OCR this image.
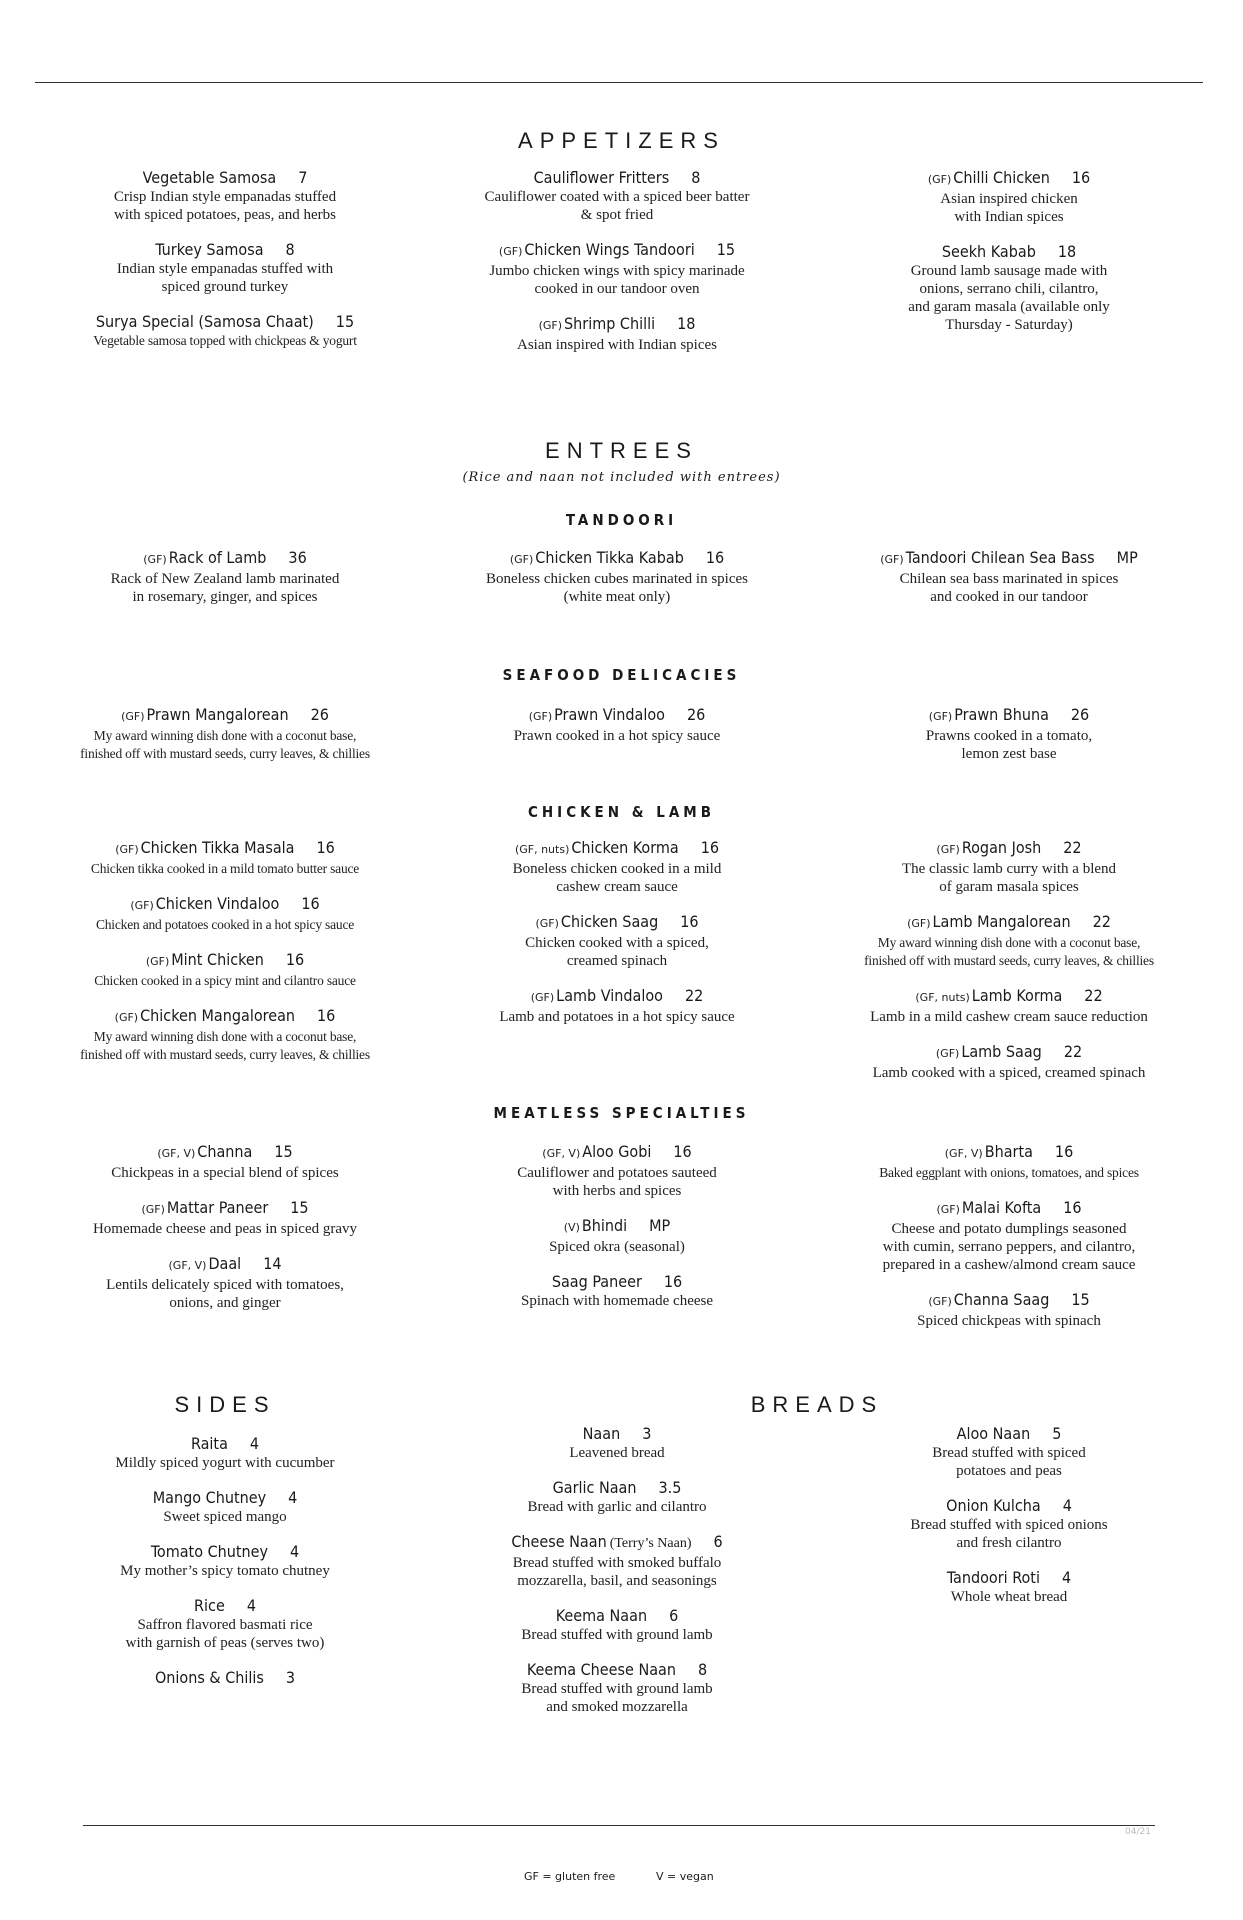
APPETIZERS
Vegetable Samosa 7
Crisp Indian style empanadas stuffed
with spiced potatoes, peas, and herbs
Turkey Samosa 8
Indian style empanadas stuffed with
spiced ground turkey
Surya Special (Samosa Chaat) 15
Vegetable samosa topped with chickpeas & yogurt
Cauliflower Fritters 8
Cauliflower coated with a spiced beer batter
& spot fried
(GF) Chicken Wings Tandoori 15
Jumbo chicken wings with spicy marinade
cooked in our tandoor oven
(GF) Shrimp Chilli 18
Asian inspired with Indian spices
(GF) Chilli Chicken 16
Asian inspired chicken
with Indian spices
Seekh Kabab 18
Ground lamb sausage made with
onions, serrano chili, cilantro,
and garam masala (available only
Thursday - Saturday)
ENTREES
(Rice and naan not included with entrees)
TANDOORI
(GF) Rack of Lamb 36
Rack of New Zealand lamb marinated
in rosemary, ginger, and spices
(GF) Chicken Tikka Kabab 16
Boneless chicken cubes marinated in spices
(white meat only)
(GF) Tandoori Chilean Sea Bass MP
Chilean sea bass marinated in spices
and cooked in our tandoor
SEAFOOD DELICACIES
(GF) Prawn Mangalorean 26
My award winning dish done with a coconut base,
finished off with mustard seeds, curry leaves, & chillies
(GF) Prawn Vindaloo 26
Prawn cooked in a hot spicy sauce
(GF) Prawn Bhuna 26
Prawns cooked in a tomato,
lemon zest base
CHICKEN & LAMB
(GF) Chicken Tikka Masala 16
Chicken tikka cooked in a mild tomato butter sauce
(GF) Chicken Vindaloo 16
Chicken and potatoes cooked in a hot spicy sauce
(GF) Mint Chicken 16
Chicken cooked in a spicy mint and cilantro sauce
(GF) Chicken Mangalorean 16
My award winning dish done with a coconut base,
finished off with mustard seeds, curry leaves, & chillies
(GF, nuts) Chicken Korma 16
Boneless chicken cooked in a mild
cashew cream sauce
(GF) Chicken Saag 16
Chicken cooked with a spiced,
creamed spinach
(GF) Lamb Vindaloo 22
Lamb and potatoes in a hot spicy sauce
(GF) Rogan Josh 22
The classic lamb curry with a blend
of garam masala spices
(GF) Lamb Mangalorean 22
My award winning dish done with a coconut base,
finished off with mustard seeds, curry leaves, & chillies
(GF, nuts) Lamb Korma 22
Lamb in a mild cashew cream sauce reduction
(GF) Lamb Saag 22
Lamb cooked with a spiced, creamed spinach
MEATLESS SPECIALTIES
(GF, V) Channa 15
Chickpeas in a special blend of spices
(GF) Mattar Paneer 15
Homemade cheese and peas in spiced gravy
(GF, V) Daal 14
Lentils delicately spiced with tomatoes,
onions, and ginger
(GF, V) Aloo Gobi 16
Cauliflower and potatoes sauteed
with herbs and spices
(V) Bhindi MP
Spiced okra (seasonal)
Saag Paneer 16
Spinach with homemade cheese
(GF, V) Bharta 16
Baked eggplant with onions, tomatoes, and spices
(GF) Malai Kofta 16
Cheese and potato dumplings seasoned
with cumin, serrano peppers, and cilantro,
prepared in a cashew/almond cream sauce
(GF) Channa Saag 15
Spiced chickpeas with spinach
SIDES	BREADS
Raita 4
Mildly spiced yogurt with cucumber
Mango Chutney 4
Sweet spiced mango
Tomato Chutney 4
My mother’s spicy tomato chutney
Rice 4
Saffron flavored basmati rice
with garnish of peas (serves two)
Onions & Chilis 3
Naan 3
Leavened bread
Garlic Naan 3.5
Bread with garlic and cilantro
Cheese Naan (Terry’s Naan) 6
Bread stuffed with smoked buffalo
mozzarella, basil, and seasonings
Keema Naan 6
Bread stuffed with ground lamb
Keema Cheese Naan 8
Bread stuffed with ground lamb
and smoked mozzarella
Aloo Naan 5
Bread stuffed with spiced
potatoes and peas
Onion Kulcha 4
Bread stuffed with spiced onions
and fresh cilantro
Tandoori Roti 4
Whole wheat bread
04/21
GF = gluten free	V = vegan
